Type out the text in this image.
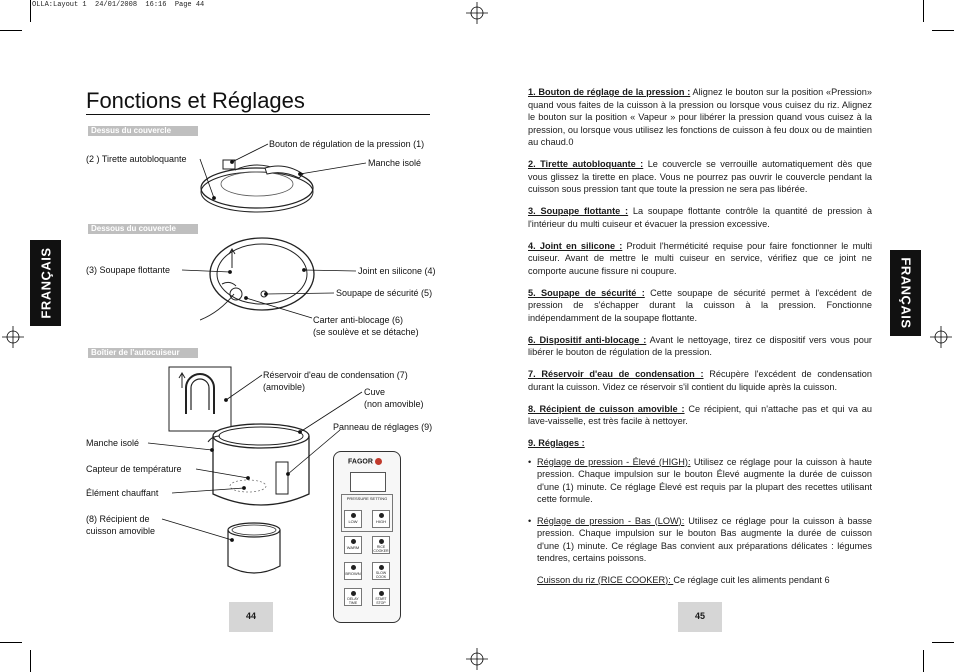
OLLA:Layout 1  24/01/2008  16:16  Page 44
Fonctions et Réglages
FRANÇAIS
Dessus du couvercle
Dessous du couvercle
Boîtier de l'autocuiseur
FAGOR
PRESSURE SETTING
LOW	HIGH
WARM	RICE COOKER
BROWN	SLOW COOK
DELAY TIME
START STOP
Bouton de régulation de la pression (1)
(2 ) Tirette autobloquante	Manche isolé
(3) Soupape flottante	Joint en silicone (4)
Soupape de sécurité (5)
Carter anti-blocage (6)
(se soulève et se détache)
Réservoir d'eau de condensation (7)
(amovible)	Cuve
(non amovible)
Panneau de réglages (9)
Manche isolé
Capteur de température
Élément chauffant
(8) Récipient de
cuisson amovible
44
FRANÇAIS

1. Bouton de réglage de la pression : Alignez le bouton sur la position «Pression» quand vous faites de la cuisson à la pression ou lorsque vous cuisez du riz. Alignez le bouton sur la position « Vapeur » pour libérer la pression quand vous cuisez à la pression, ou lorsque vous utilisez les fonctions de cuisson à feu doux ou de maintien au chaud.0

2. Tirette autobloquante : Le couvercle se verrouille automatiquement dès que vous glissez la tirette en place. Vous ne pourrez pas ouvrir le couvercle pendant la cuisson sous pression tant que toute la pression ne sera pas libérée.

3. Soupape flottante : La soupape flottante contrôle la quantité de pression à l'intérieur du multi cuiseur et évacuer la pression excessive.

4. Joint en silicone : Produit l'herméticité requise pour faire fonctionner le multi cuiseur. Avant de mettre le multi cuiseur en service, vérifiez que ce joint ne comporte aucune fissure ni coupure.

5. Soupape de sécurité : Cette soupape de sécurité permet à l'excédent de pression de s'échapper durant la cuisson à la pression. Fonctionne indépendamment de la soupape flottante.

6. Dispositif anti-blocage : Avant le nettoyage, tirez ce dispositif vers vous pour libérer le bouton de régulation de la pression.

7. Réservoir d'eau de condensation : Récupère l'excédent de condensation durant la cuisson. Videz ce réservoir s'il contient du liquide après la cuisson.

8. Récipient de cuisson amovible : Ce récipient, qui n'attache pas et qui va au lave-vaisselle, est très facile à nettoyer.

9. Réglages :

• Réglage de pression - Élevé (HIGH): Utilisez ce réglage pour la cuisson à haute pression. Chaque impulsion sur le bouton Élevé augmente la durée de cuisson d'une (1) minute. Ce réglage Élevé est requis par la plupart des recettes utilisant cette formule.
• Réglage de pression - Bas (LOW): Utilisez ce réglage pour la cuisson à basse pression. Chaque impulsion sur le bouton Bas augmente la durée de cuisson d'une (1) minute. Ce réglage Bas convient aux préparations délicates : légumes tendres, certains poissons.

Cuisson du riz (RICE COOKER): Ce réglage cuit les aliments pendant 6

45
